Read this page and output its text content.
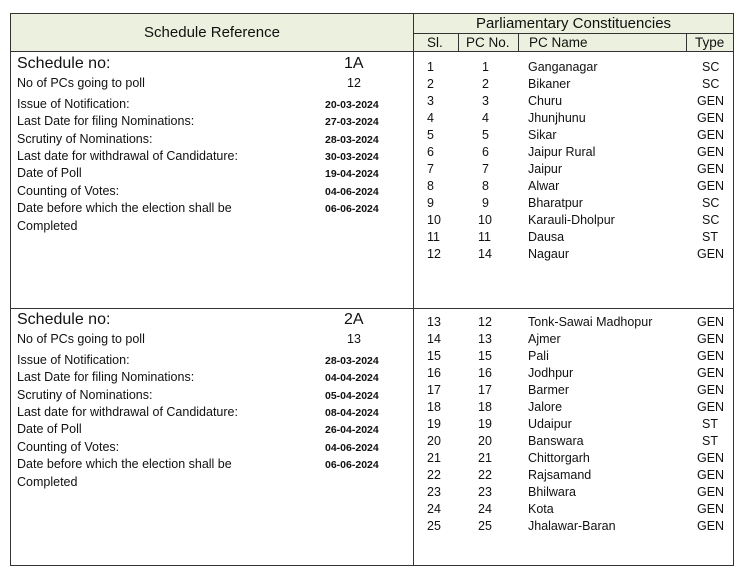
Schedule Reference
Parliamentary Constituencies
Sl.	PC No.	PC Name	Type
Schedule no:	1A
No of PCs going to poll	12
Issue of Notification:	20-03-2024
Last Date for filing Nominations:	27-03-2024
Scrutiny of Nominations:	28-03-2024
Last date for withdrawal of Candidature:	30-03-2024
Date of Poll	19-04-2024
Counting of Votes:	04-06-2024
Date before which the election shall be	06-06-2024
Completed
Schedule no:	2A
No of PCs going to poll	13
Issue of Notification:	28-03-2024
Last Date for filing Nominations:	04-04-2024
Scrutiny of Nominations:	05-04-2024
Last date for withdrawal of Candidature:	08-04-2024
Date of Poll	26-04-2024
Counting of Votes:	04-06-2024
Date before which the election shall be	06-06-2024
Completed
1	1	Ganganagar	SC
2	2	Bikaner	SC
3	3	Churu	GEN
4	4	Jhunjhunu	GEN
5	5	Sikar	GEN
6	6	Jaipur Rural	GEN
7	7	Jaipur	GEN
8	8	Alwar	GEN
9	9	Bharatpur	SC
10	10	Karauli-Dholpur	SC
11	11	Dausa	ST
12	14	Nagaur	GEN
13	12	Tonk-Sawai Madhopur	GEN
14	13	Ajmer	GEN
15	15	Pali	GEN
16	16	Jodhpur	GEN
17	17	Barmer	GEN
18	18	Jalore	GEN
19	19	Udaipur	ST
20	20	Banswara	ST
21	21	Chittorgarh	GEN
22	22	Rajsamand	GEN
23	23	Bhilwara	GEN
24	24	Kota	GEN
25	25	Jhalawar-Baran	GEN
